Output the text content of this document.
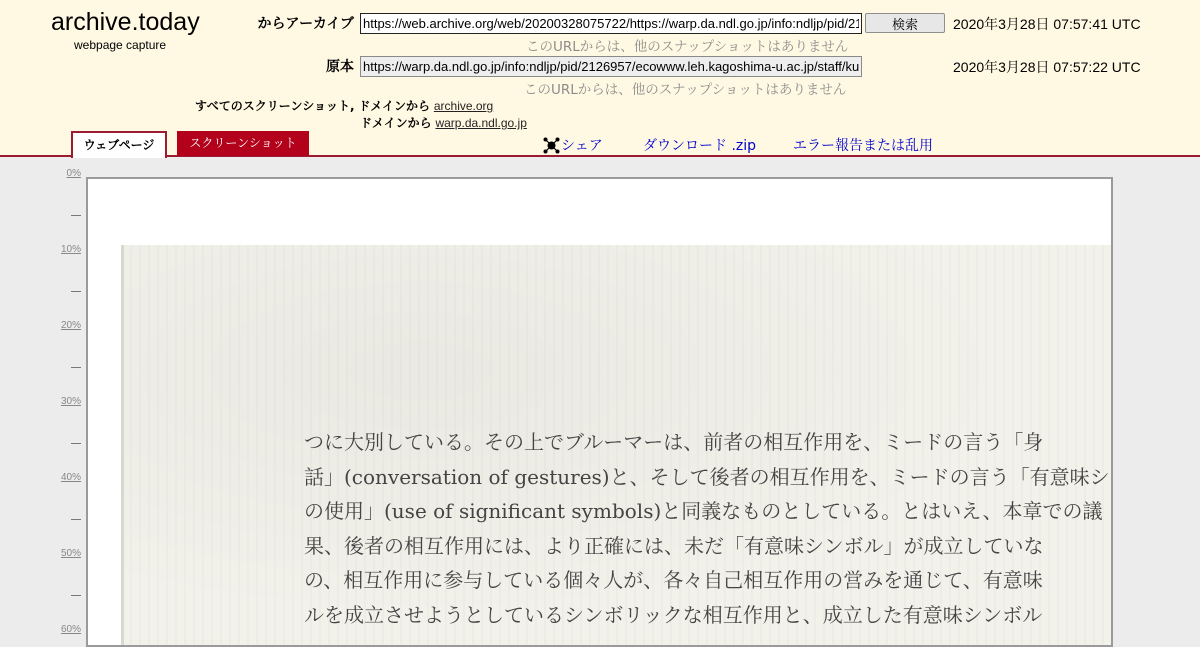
archive.today
webpage capture
からアーカイブ
https://web.archive.org/web/20200328075722/https://warp.da.ndl.go.jp/info:ndljp/pid/2126957/ecowww.leh.kagoshima-u.ac.jp/staff/kuwahata/	検索	2020年3月28日 07:57:41 UTC
このURLからは、他のスナップショットはありません
原本
https://warp.da.ndl.go.jp/info:ndljp/pid/2126957/ecowww.leh.kagoshima-u.ac.jp/staff/kuwahata/	2020年3月28日 07:57:22 UTC
このURLからは、他のスナップショットはありません
すべてのスクリーンショット, ドメインから archive.org
ドメインから warp.da.ndl.go.jp
ウェブページ	スクリーンショット	シェア	ダウンロード .zip	エラー報告または乱用
0%
10%
20%
30%
40%
50%
60%
つに大別している。その上でブルーマーは、前者の相互作用を、ミードの言う「身
話」(conversation of gestures)と、そして後者の相互作用を、ミードの言う「有意味シ
の使用」(use of significant symbols)と同義なものとしている。とはいえ、本章での議
果、後者の相互作用には、より正確には、未だ「有意味シンボル」が成立していな
の、相互作用に参与している個々人が、各々自己相互作用の営みを通じて、有意味
ルを成立させようとしているシンボリックな相互作用と、成立した有意味シンボル
